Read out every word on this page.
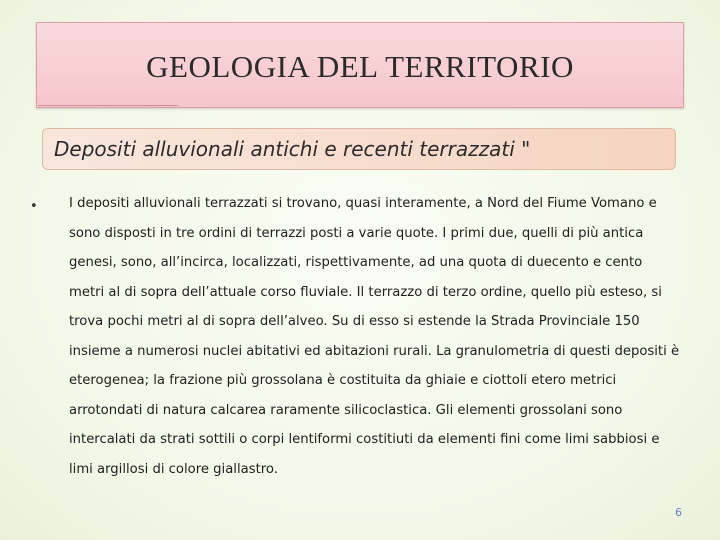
GEOLOGIA DEL TERRITORIO
Depositi alluvionali antichi e recenti terrazzati "
• I depositi alluvionali terrazzati si trovano, quasi interamente, a Nord del Fiume Vomano e sono disposti in tre ordini di terrazzi posti a varie quote. I primi due, quelli di più antica genesi, sono, all’incirca, localizzati, rispettivamente, ad una quota di duecento e cento metri al di sopra dell’attuale corso fluviale. Il terrazzo di terzo ordine, quello più esteso, si trova pochi metri al di sopra dell’alveo. Su di esso si estende la Strada Provinciale 150 insieme a numerosi nuclei abitativi ed abitazioni rurali. La granulometria di questi depositi è eterogenea; la frazione più grossolana è costituita da ghiaie e ciottoli etero metrici arrotondati di natura calcarea raramente silicoclastica. Gli elementi grossolani sono intercalati da strati sottili o corpi lentiformi costitiuti da elementi fini come limi sabbiosi e limi argillosi di colore giallastro.

6
